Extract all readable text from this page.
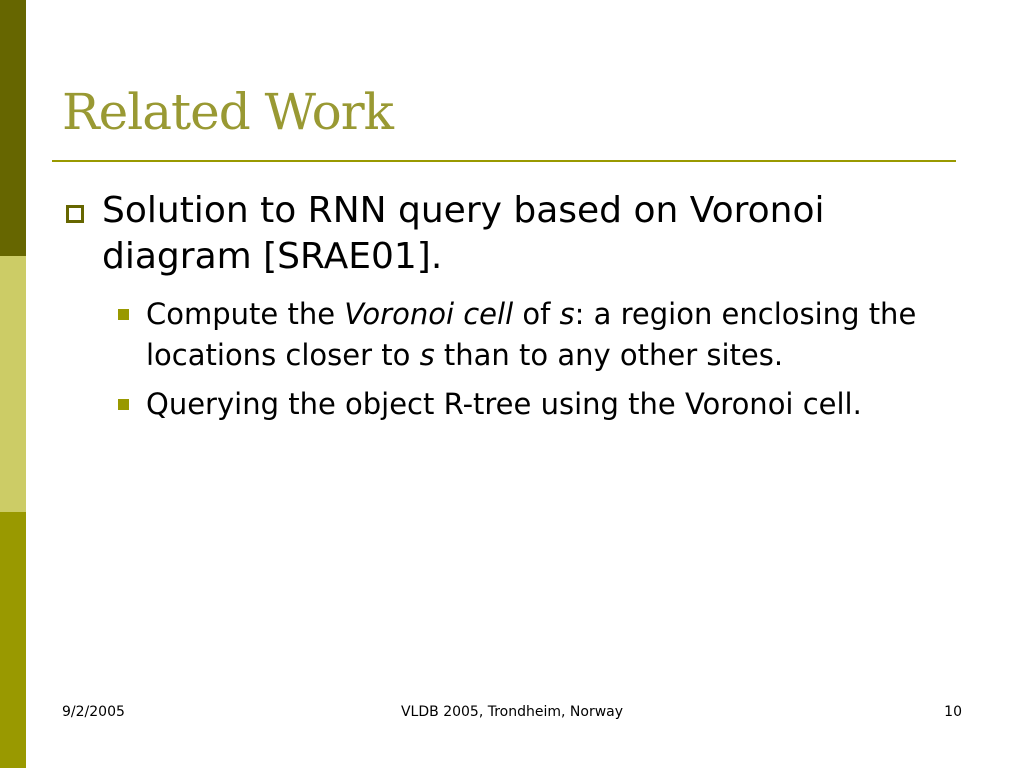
Related Work
Solution to RNN query based on Voronoi diagram [SRAE01].
Compute the Voronoi cell of s: a region enclosing the locations closer to s than to any other sites.
Querying the object R-tree using the Voronoi cell.
9/2/2005	VLDB 2005, Trondheim, Norway	10
